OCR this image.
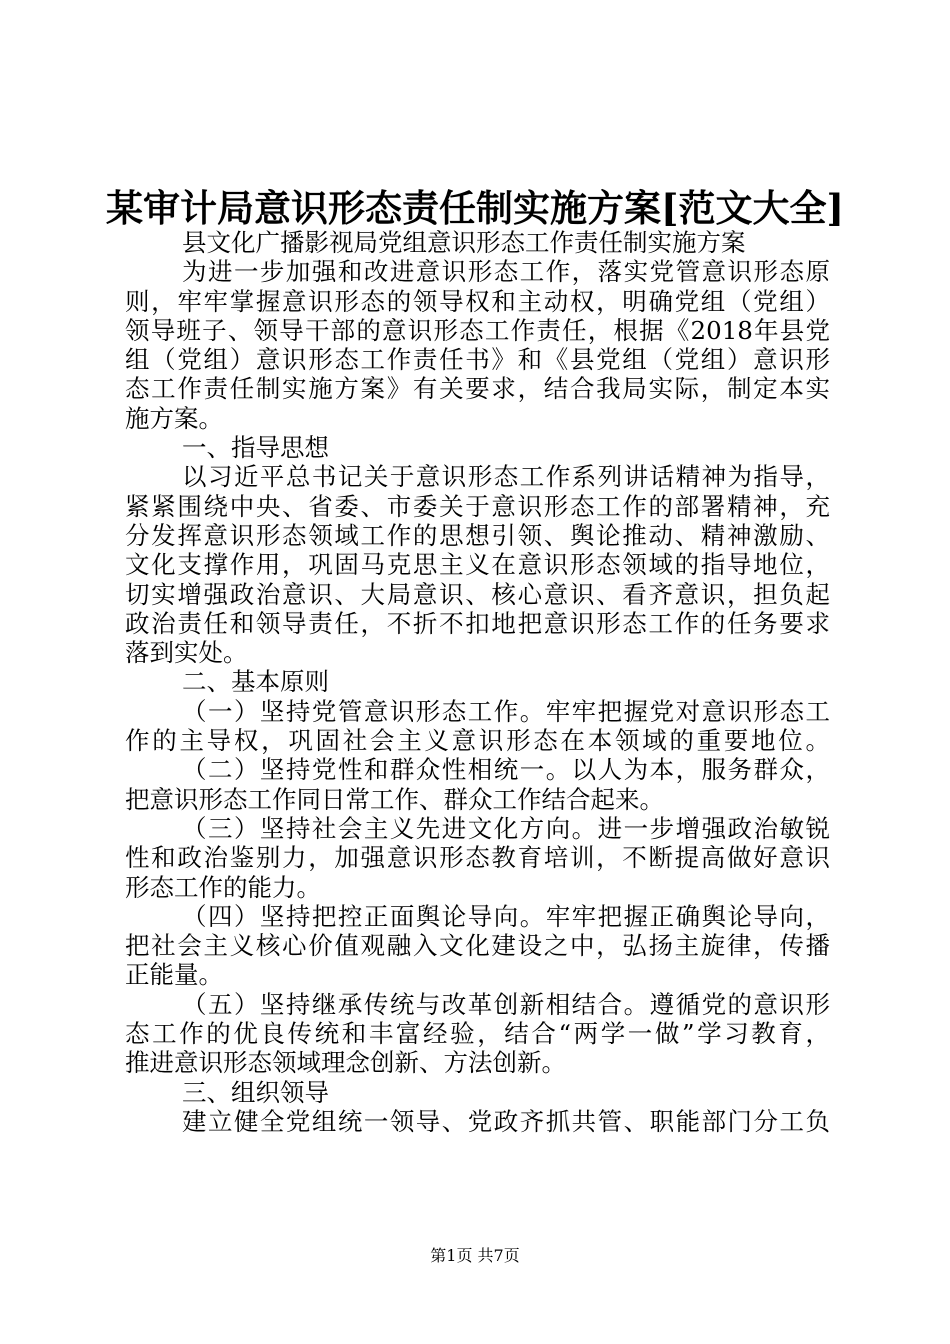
某审计局意识形态责任制实施方案[范文大全]
县文化广播影视局党组意识形态工作责任制实施方案
为进一步加强和改进意识形态工作，落实党管意识形态原
则，牢牢掌握意识形态的领导权和主动权，明确党组（党组）
领导班子、领导干部的意识形态工作责任，根据《2018年县党
组（党组）意识形态工作责任书》和《县党组（党组）意识形
态工作责任制实施方案》有关要求，结合我局实际，制定本实
施方案。
一、指导思想
以习近平总书记关于意识形态工作系列讲话精神为指导，
紧紧围绕中央、省委、市委关于意识形态工作的部署精神，充
分发挥意识形态领域工作的思想引领、舆论推动、精神激励、
文化支撑作用，巩固马克思主义在意识形态领域的指导地位，
切实增强政治意识、大局意识、核心意识、看齐意识，担负起
政治责任和领导责任，不折不扣地把意识形态工作的任务要求
落到实处。
二、基本原则
（一）坚持党管意识形态工作。牢牢把握党对意识形态工
作的主导权，巩固社会主义意识形态在本领域的重要地位。
（二）坚持党性和群众性相统一。以人为本，服务群众，
把意识形态工作同日常工作、群众工作结合起来。
（三）坚持社会主义先进文化方向。进一步增强政治敏锐
性和政治鉴别力，加强意识形态教育培训，不断提高做好意识
形态工作的能力。
（四）坚持把控正面舆论导向。牢牢把握正确舆论导向，
把社会主义核心价值观融入文化建设之中，弘扬主旋律，传播
正能量。
（五）坚持继承传统与改革创新相结合。遵循党的意识形
态工作的优良传统和丰富经验，结合“两学一做”学习教育，
推进意识形态领域理念创新、方法创新。
三、组织领导
建立健全党组统一领导、党政齐抓共管、职能部门分工负
第1页 共7页
